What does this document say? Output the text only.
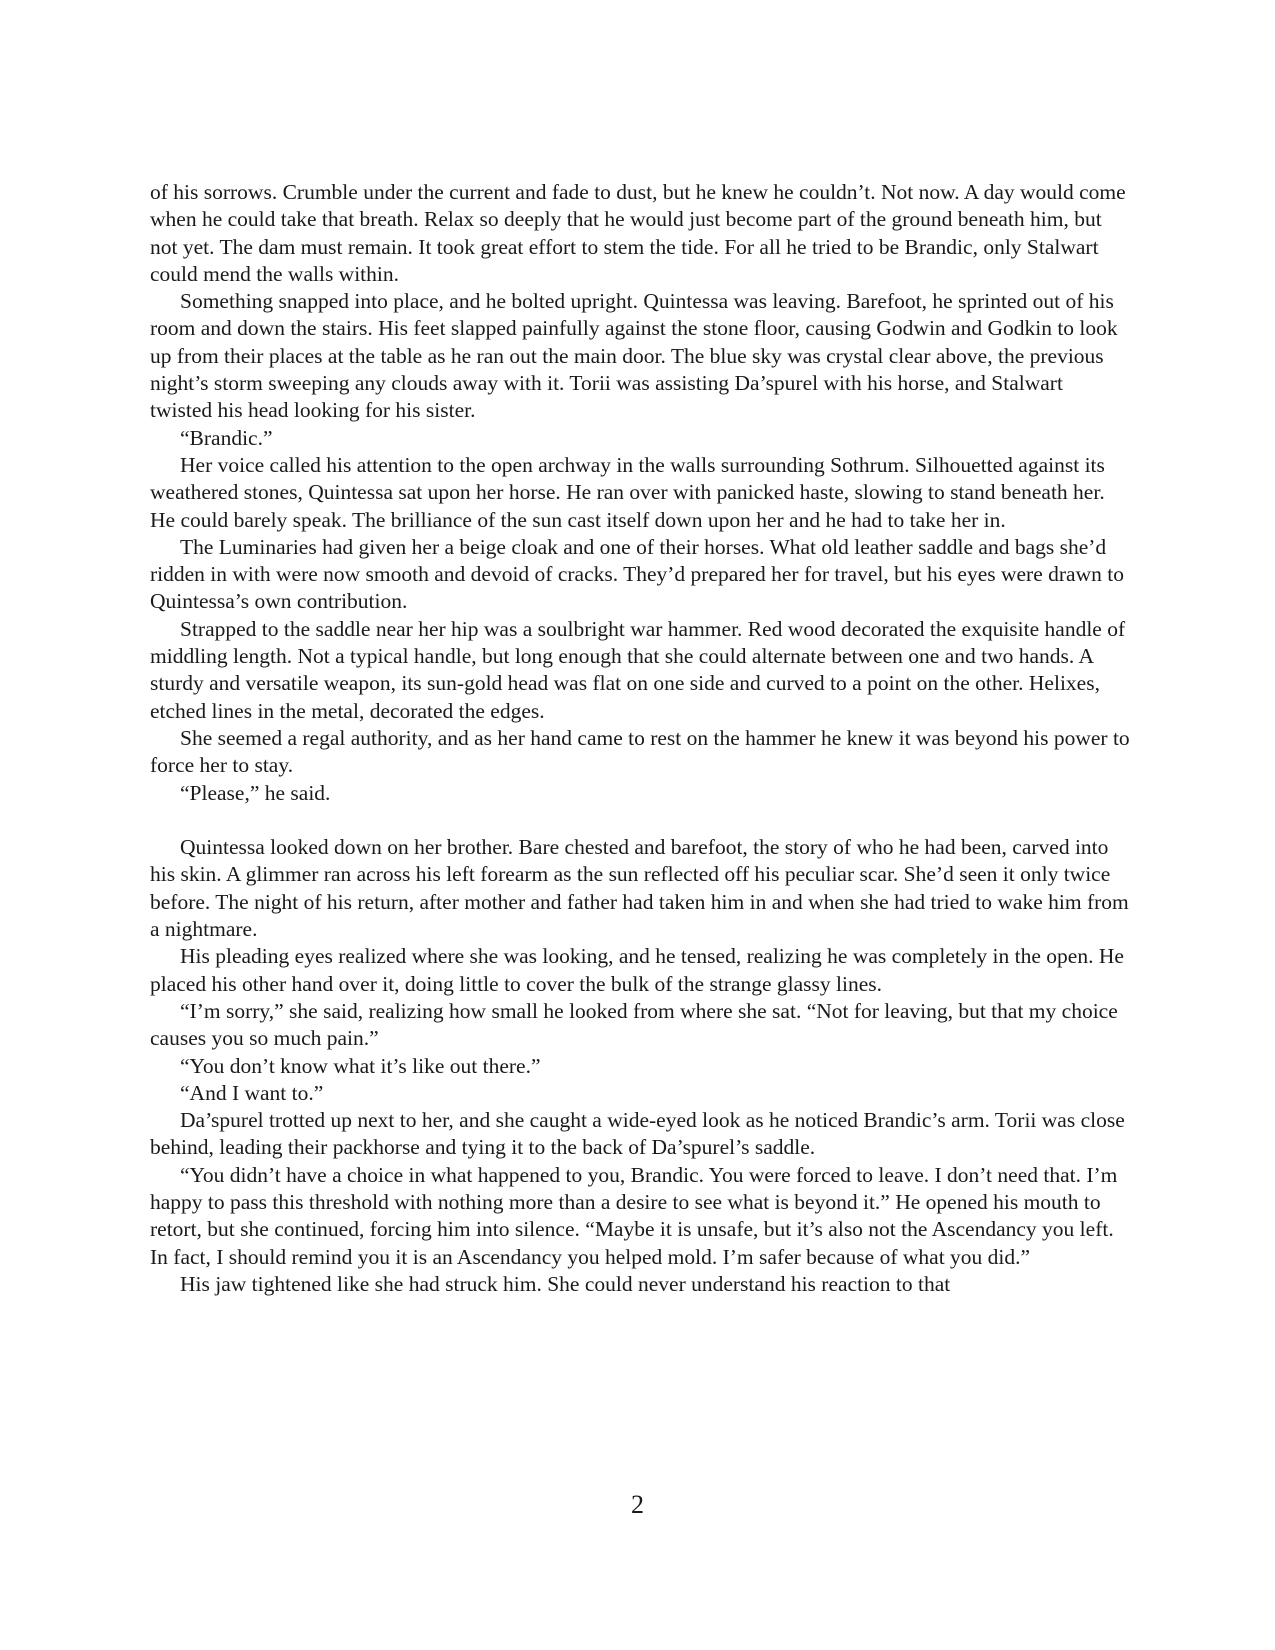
of his sorrows. Crumble under the current and fade to dust, but he knew he couldn’t. Not now. A day would come when he could take that breath. Relax so deeply that he would just become part of the ground beneath him, but not yet. The dam must remain. It took great effort to stem the tide. For all he tried to be Brandic, only Stalwart could mend the walls within.

Something snapped into place, and he bolted upright. Quintessa was leaving. Barefoot, he sprinted out of his room and down the stairs. His feet slapped painfully against the stone floor, causing Godwin and Godkin to look up from their places at the table as he ran out the main door. The blue sky was crystal clear above, the previous night’s storm sweeping any clouds away with it. Torii was assisting Da’spurel with his horse, and Stalwart twisted his head looking for his sister.

“Brandic.”

Her voice called his attention to the open archway in the walls surrounding Sothrum. Silhouetted against its weathered stones, Quintessa sat upon her horse. He ran over with panicked haste, slowing to stand beneath her. He could barely speak. The brilliance of the sun cast itself down upon her and he had to take her in.

The Luminaries had given her a beige cloak and one of their horses. What old leather saddle and bags she’d ridden in with were now smooth and devoid of cracks. They’d prepared her for travel, but his eyes were drawn to Quintessa’s own contribution.

Strapped to the saddle near her hip was a soulbright war hammer. Red wood decorated the exquisite handle of middling length. Not a typical handle, but long enough that she could alternate between one and two hands. A sturdy and versatile weapon, its sun-gold head was flat on one side and curved to a point on the other. Helixes, etched lines in the metal, decorated the edges.

She seemed a regal authority, and as her hand came to rest on the hammer he knew it was beyond his power to force her to stay.

“Please,” he said.

Quintessa looked down on her brother. Bare chested and barefoot, the story of who he had been, carved into his skin. A glimmer ran across his left forearm as the sun reflected off his peculiar scar. She’d seen it only twice before. The night of his return, after mother and father had taken him in and when she had tried to wake him from a nightmare.

His pleading eyes realized where she was looking, and he tensed, realizing he was completely in the open. He placed his other hand over it, doing little to cover the bulk of the strange glassy lines.

“I’m sorry,” she said, realizing how small he looked from where she sat. “Not for leaving, but that my choice causes you so much pain.”

“You don’t know what it’s like out there.”

“And I want to.”

Da’spurel trotted up next to her, and she caught a wide-eyed look as he noticed Brandic’s arm. Torii was close behind, leading their packhorse and tying it to the back of Da’spurel’s saddle.

“You didn’t have a choice in what happened to you, Brandic. You were forced to leave. I don’t need that. I’m happy to pass this threshold with nothing more than a desire to see what is beyond it.” He opened his mouth to retort, but she continued, forcing him into silence. “Maybe it is unsafe, but it’s also not the Ascendancy you left. In fact, I should remind you it is an Ascendancy you helped mold. I’m safer because of what you did.”

His jaw tightened like she had struck him. She could never understand his reaction to that

2
